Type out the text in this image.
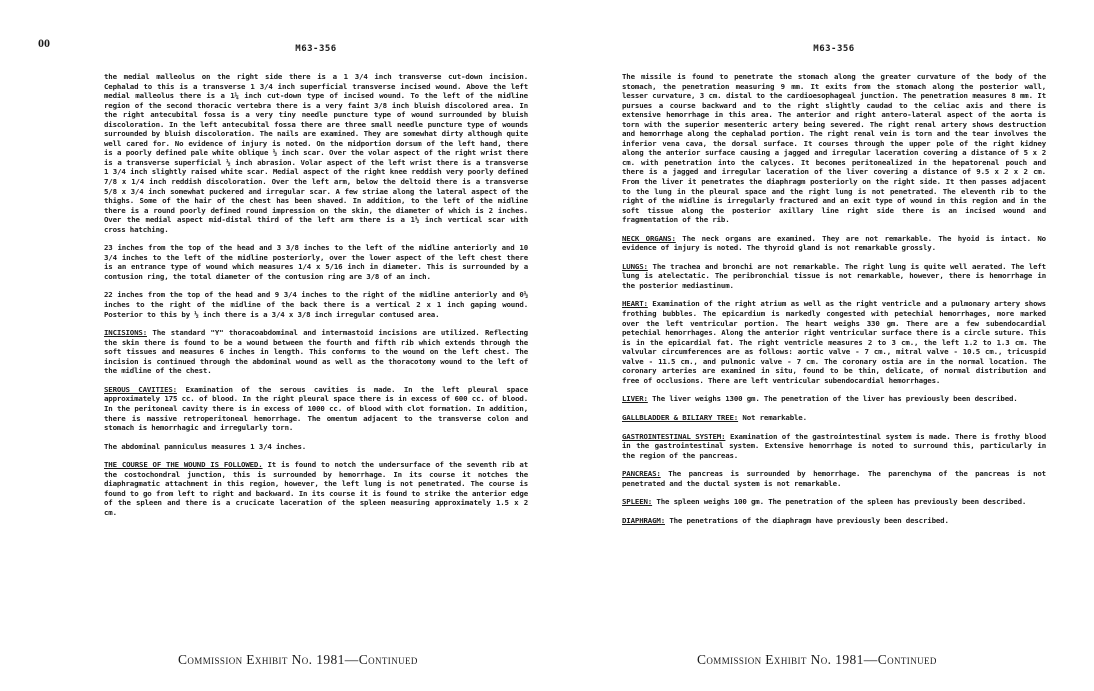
00	M63-356

the medial malleolus on the right side there is a 1 3/4 inch transverse cut-down incision. Cephalad to this is a transverse 1 3/4 inch superficial transverse incised wound. Above the left medial malleolus there is a 1¼ inch cut-down type of incised wound. To the left of the midline region of the second thoracic vertebra there is a very faint 3/8 inch bluish discolored area. In the right antecubital fossa is a very tiny needle puncture type of wound surrounded by bluish discoloration. In the left antecubital fossa there are three small needle puncture type of wounds surrounded by bluish discoloration. The nails are examined. They are somewhat dirty although quite well cared for. No evidence of injury is noted. On the midportion dorsum of the left hand, there is a poorly defined pale white oblique ½ inch scar. Over the volar aspect of the right wrist there is a transverse superficial ½ inch abrasion. Volar aspect of the left wrist there is a transverse 1 3/4 inch slightly raised white scar. Medial aspect of the right knee reddish very poorly defined 7/8 x 1/4 inch reddish discoloration. Over the left arm, below the deltoid there is a transverse 5/8 x 3/4 inch somewhat puckered and irregular scar. A few striae along the lateral aspect of the thighs. Some of the hair of the chest has been shaved. In addition, to the left of the midline there is a round poorly defined round impression on the skin, the diameter of which is 2 inches. Over the medial aspect mid-distal third of the left arm there is a 1½ inch vertical scar with cross hatching.

23 inches from the top of the head and 3 3/8 inches to the left of the midline anteriorly and 10 3/4 inches to the left of the midline posteriorly, over the lower aspect of the left chest there is an entrance type of wound which measures 1/4 x 5/16 inch in diameter. This is surrounded by a contusion ring, the total diameter of the contusion ring are 3/8 of an inch.

22 inches from the top of the head and 9 3/4 inches to the right of the midline anteriorly and 0½ inches to the right of the midline of the back there is a vertical 2 x 1 inch gaping wound. Posterior to this by ½ inch there is a 3/4 x 3/8 inch irregular contused area.

INCISIONS: The standard "Y" thoracoabdominal and intermastoid incisions are utilized. Reflecting the skin there is found to be a wound between the fourth and fifth rib which extends through the soft tissues and measures 6 inches in length. This conforms to the wound on the left chest. The incision is continued through the abdominal wound as well as the thoracotomy wound to the left of the midline of the chest.

SEROUS CAVITIES: Examination of the serous cavities is made. In the left pleural space approximately 175 cc. of blood. In the right pleural space there is in excess of 600 cc. of blood. In the peritoneal cavity there is in excess of 1000 cc. of blood with clot formation. In addition, there is massive retroperitoneal hemorrhage. The omentum adjacent to the transverse colon and stomach is hemorrhagic and irregularly torn.

The abdominal panniculus measures 1 3/4 inches.

THE COURSE OF THE WOUND IS FOLLOWED. It is found to notch the undersurface of the seventh rib at the costochondral junction, this is surrounded by hemorrhage. In its course it notches the diaphragmatic attachment in this region, however, the left lung is not penetrated. The course is found to go from left to right and backward. In its course it is found to strike the anterior edge of the spleen and there is a crucicate laceration of the spleen measuring approximately 1.5 x 2 cm.

M63-356

The missile is found to penetrate the stomach along the greater curvature of the body of the stomach, the penetration measuring 9 mm. It exits from the stomach along the posterior wall, lesser curvature, 3 cm. distal to the cardioesophageal junction. The penetration measures 8 mm. It pursues a course backward and to the right slightly caudad to the celiac axis and there is extensive hemorrhage in this area. The anterior and right antero-lateral aspect of the aorta is torn with the superior mesenteric artery being severed. The right renal artery shows destruction and hemorrhage along the cephalad portion. The right renal vein is torn and the tear involves the inferior vena cava, the dorsal surface. It courses through the upper pole of the right kidney along the anterior surface causing a jagged and irregular laceration covering a distance of 5 x 2 cm. with penetration into the calyces. It becomes peritonealized in the hepatorenal pouch and there is a jagged and irregular laceration of the liver covering a distance of 9.5 x 2 x 2 cm. From the liver it penetrates the diaphragm posteriorly on the right side. It then passes adjacent to the lung in the pleural space and the right lung is not penetrated. The eleventh rib to the right of the midline is irregularly fractured and an exit type of wound in this region and in the soft tissue along the posterior axillary line right side there is an incised wound and fragmentation of the rib.

NECK ORGANS: The neck organs are examined. They are not remarkable. The hyoid is intact. No evidence of injury is noted. The thyroid gland is not remarkable grossly.

LUNGS: The trachea and bronchi are not remarkable. The right lung is quite well aerated. The left lung is atelectatic. The peribronchial tissue is not remarkable, however, there is hemorrhage in the posterior mediastinum.

HEART: Examination of the right atrium as well as the right ventricle and a pulmonary artery shows frothing bubbles. The epicardium is markedly congested with petechial hemorrhages, more marked over the left ventricular portion. The heart weighs 330 gm. There are a few subendocardial petechial hemorrhages. Along the anterior right ventricular surface there is a circle suture. This is in the epicardial fat. The right ventricle measures 2 to 3 cm., the left 1.2 to 1.3 cm. The valvular circumferences are as follows: aortic valve - 7 cm., mitral valve - 10.5 cm., tricuspid valve - 11.5 cm., and pulmonic valve - 7 cm. The coronary ostia are in the normal location. The coronary arteries are examined in situ, found to be thin, delicate, of normal distribution and free of occlusions. There are left ventricular subendocardial hemorrhages.

LIVER: The liver weighs 1300 gm. The penetration of the liver has previously been described.

GALLBLADDER & BILIARY TREE: Not remarkable.

GASTROINTESTINAL SYSTEM: Examination of the gastrointestinal system is made. There is frothy blood in the gastrointestinal system. Extensive hemorrhage is noted to surround this, particularly in the region of the pancreas.

PANCREAS: The pancreas is surrounded by hemorrhage. The parenchyma of the pancreas is not penetrated and the ductal system is not remarkable.

SPLEEN: The spleen weighs 100 gm. The penetration of the spleen has previously been described.

DIAPHRAGM: The penetrations of the diaphragm have previously been described.

Commission Exhibit No. 1981—Continued	Commission Exhibit No. 1981—Continued
